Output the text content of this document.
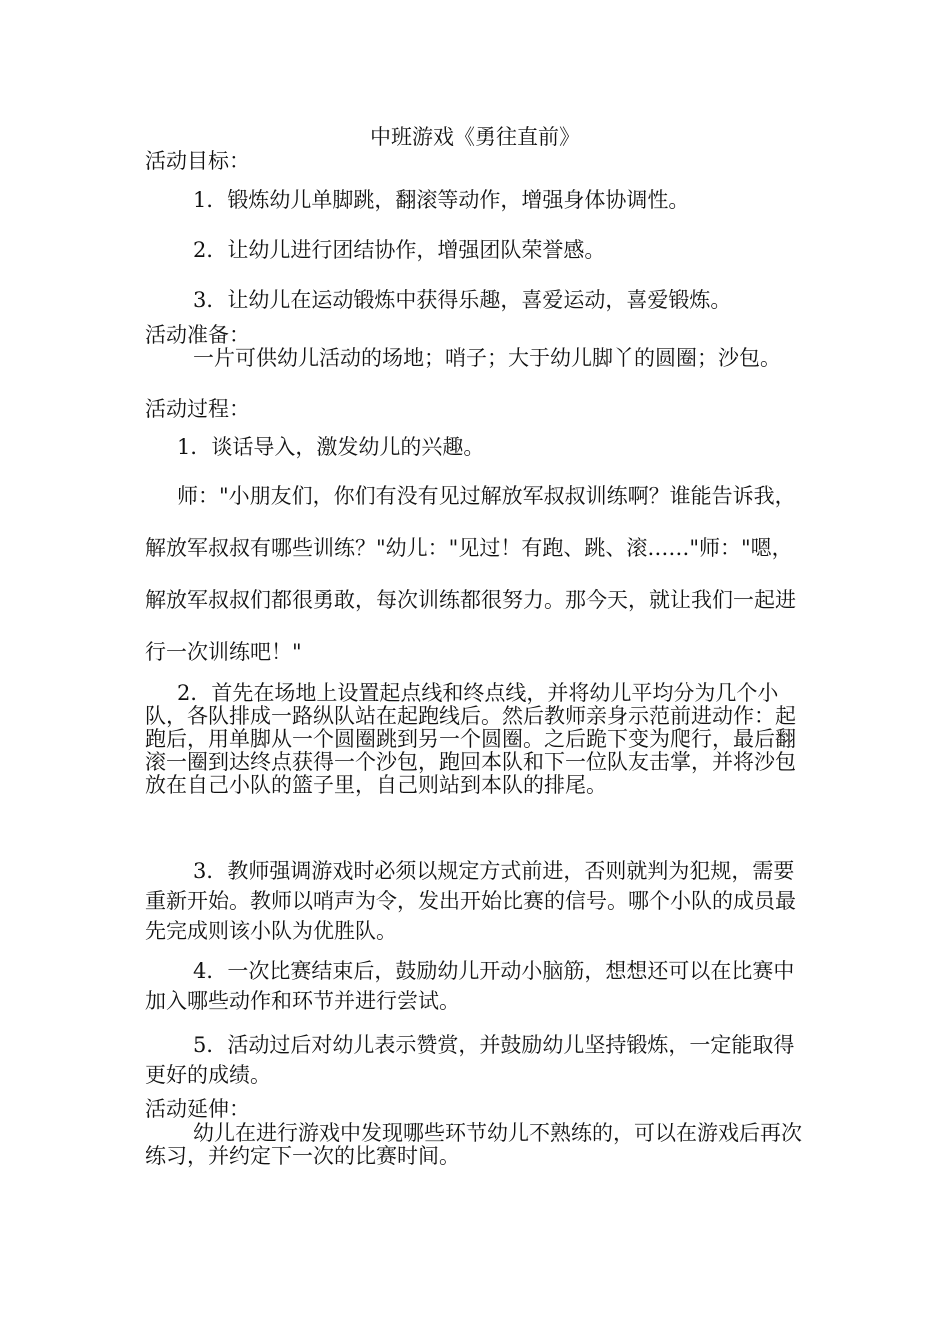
中班游戏《勇往直前》

活动目标：

1．锻炼幼儿单脚跳，翻滚等动作，增强身体协调性。

2．让幼儿进行团结协作，增强团队荣誉感。

3．让幼儿在运动锻炼中获得乐趣，喜爱运动，喜爱锻炼。

活动准备：

一片可供幼儿活动的场地；哨子；大于幼儿脚丫的圆圈；沙包。

活动过程：

1．谈话导入，激发幼儿的兴趣。

师："小朋友们，你们有没有见过解放军叔叔训练啊？谁能告诉我，解放军叔叔有哪些训练？"幼儿："见过！有跑、跳、滚……"师："嗯，解放军叔叔们都很勇敢，每次训练都很努力。那今天，就让我们一起进行一次训练吧！"

2．首先在场地上设置起点线和终点线，并将幼儿平均分为几个小队，各队排成一路纵队站在起跑线后。然后教师亲身示范前进动作：起跑后，用单脚从一个圆圈跳到另一个圆圈。之后跪下变为爬行，最后翻滚一圈到达终点获得一个沙包，跑回本队和下一位队友击掌，并将沙包放在自己小队的篮子里，自己则站到本队的排尾。

3．教师强调游戏时必须以规定方式前进，否则就判为犯规，需要重新开始。教师以哨声为令，发出开始比赛的信号。哪个小队的成员最先完成则该小队为优胜队。

4．一次比赛结束后，鼓励幼儿开动小脑筋，想想还可以在比赛中加入哪些动作和环节并进行尝试。

5．活动过后对幼儿表示赞赏，并鼓励幼儿坚持锻炼，一定能取得更好的成绩。

活动延伸：

幼儿在进行游戏中发现哪些环节幼儿不熟练的，可以在游戏后再次练习，并约定下一次的比赛时间。
